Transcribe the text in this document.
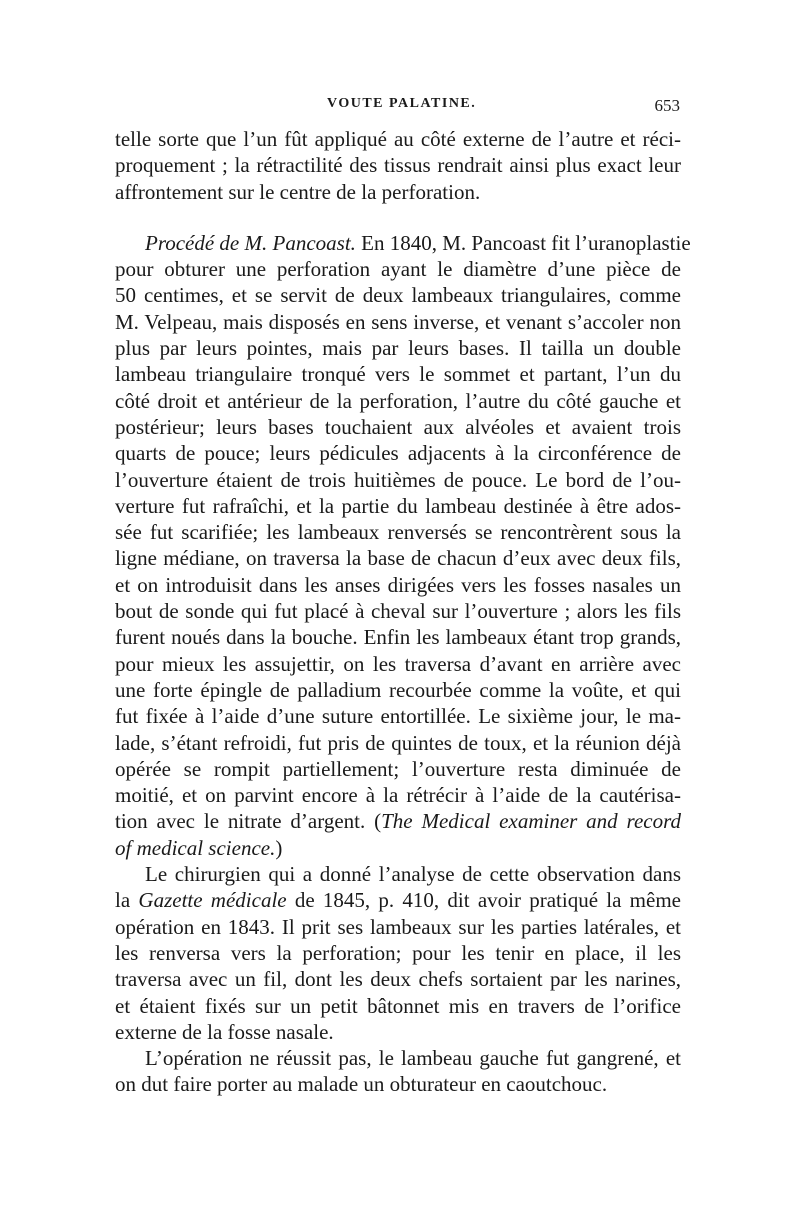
VOUTE PALATINE.	653
telle sorte que l’un fût appliqué au côté externe de l’autre et réci-
proquement ; la rétractilité des tissus rendrait ainsi plus exact leur
affrontement sur le centre de la perforation.
Procédé de M. Pancoast. En 1840, M. Pancoast fit l’uranoplastie
pour obturer une perforation ayant le diamètre d’une pièce de
50 centimes, et se servit de deux lambeaux triangulaires, comme
M. Velpeau, mais disposés en sens inverse, et venant s’accoler non
plus par leurs pointes, mais par leurs bases. Il tailla un double
lambeau triangulaire tronqué vers le sommet et partant, l’un du
côté droit et antérieur de la perforation, l’autre du côté gauche et
postérieur; leurs bases touchaient aux alvéoles et avaient trois
quarts de pouce; leurs pédicules adjacents à la circonférence de
l’ouverture étaient de trois huitièmes de pouce. Le bord de l’ou-
verture fut rafraîchi, et la partie du lambeau destinée à être ados-
sée fut scarifiée; les lambeaux renversés se rencontrèrent sous la
ligne médiane, on traversa la base de chacun d’eux avec deux fils,
et on introduisit dans les anses dirigées vers les fosses nasales un
bout de sonde qui fut placé à cheval sur l’ouverture ; alors les fils
furent noués dans la bouche. Enfin les lambeaux étant trop grands,
pour mieux les assujettir, on les traversa d’avant en arrière avec
une forte épingle de palladium recourbée comme la voûte, et qui
fut fixée à l’aide d’une suture entortillée. Le sixième jour, le ma-
lade, s’étant refroidi, fut pris de quintes de toux, et la réunion déjà
opérée se rompit partiellement; l’ouverture resta diminuée de
moitié, et on parvint encore à la rétrécir à l’aide de la cautérisa-
tion avec le nitrate d’argent. (The Medical examiner and record
of medical science.)
Le chirurgien qui a donné l’analyse de cette observation dans
la Gazette médicale de 1845, p. 410, dit avoir pratiqué la même
opération en 1843. Il prit ses lambeaux sur les parties latérales, et
les renversa vers la perforation; pour les tenir en place, il les
traversa avec un fil, dont les deux chefs sortaient par les narines,
et étaient fixés sur un petit bâtonnet mis en travers de l’orifice
externe de la fosse nasale.
L’opération ne réussit pas, le lambeau gauche fut gangrené, et
on dut faire porter au malade un obturateur en caoutchouc.
